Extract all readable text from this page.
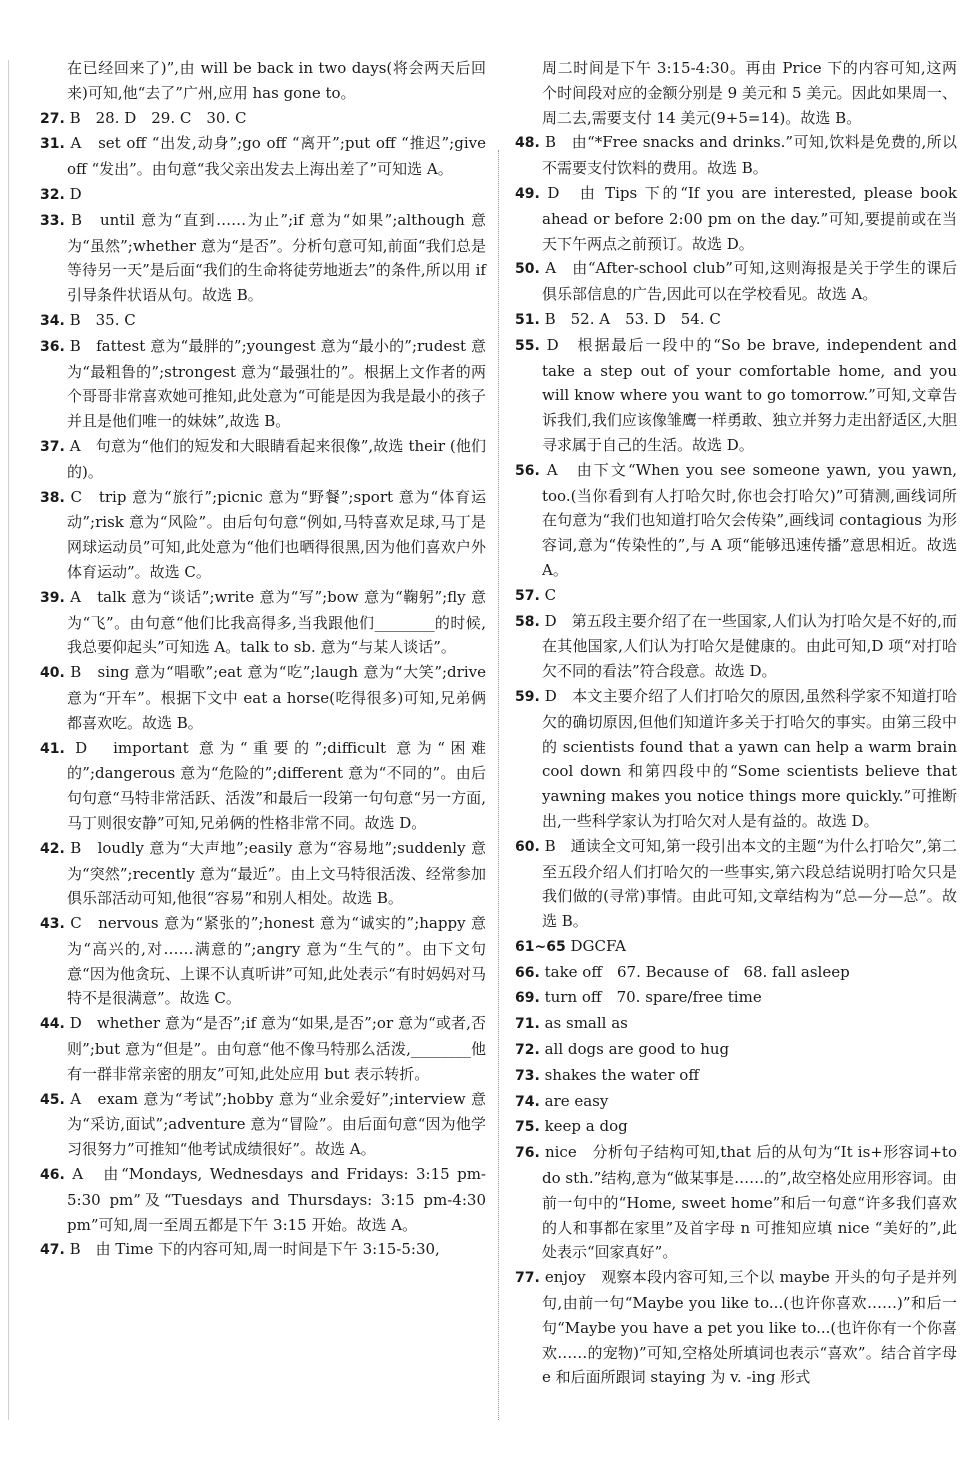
在已经回来了)”,由 will be back in two days(将会两天后回来)可知,他“去了”广州,应用 has gone to。
27. B　28. D　29. C　30. C
31. A　set off “出发,动身”;go off “离开”;put off “推迟”;give off “发出”。由句意“我父亲出发去上海出差了”可知选 A。
32. D
33. B　until 意为“直到……为止”;if 意为“如果”;although 意为“虽然”;whether 意为“是否”。分析句意可知,前面“我们总是等待另一天”是后面“我们的生命将徒劳地逝去”的条件,所以用 if 引导条件状语从句。故选 B。
34. B　35. C
36. B　fattest 意为“最胖的”;youngest 意为“最小的”;rudest 意为“最粗鲁的”;strongest 意为“最强壮的”。根据上文作者的两个哥哥非常喜欢她可推知,此处意为“可能是因为我是最小的孩子并且是他们唯一的妹妹”,故选 B。
37. A　句意为“他们的短发和大眼睛看起来很像”,故选 their (他们的)。
38. C　trip 意为“旅行”;picnic 意为“野餐”;sport 意为“体育运动”;risk 意为“风险”。由后句句意“例如,马特喜欢足球,马丁是网球运动员”可知,此处意为“他们也晒得很黑,因为他们喜欢户外体育运动”。故选 C。
39. A　talk 意为“谈话”;write 意为“写”;bow 意为“鞠躬”;fly 意为“飞”。由句意“他们比我高得多,当我跟他们________的时候,我总要仰起头”可知选 A。talk to sb. 意为“与某人谈话”。
40. B　sing 意为“唱歌”;eat 意为“吃”;laugh 意为“大笑”;drive 意为“开车”。根据下文中 eat a horse(吃得很多)可知,兄弟俩都喜欢吃。故选 B。
41. D　important 意为“重要的”;difficult 意为“困难的”;dangerous 意为“危险的”;different 意为“不同的”。由后句句意“马特非常活跃、活泼”和最后一段第一句句意“另一方面,马丁则很安静”可知,兄弟俩的性格非常不同。故选 D。
42. B　loudly 意为“大声地”;easily 意为“容易地”;suddenly 意为“突然”;recently 意为“最近”。由上文马特很活泼、经常参加俱乐部活动可知,他很“容易”和别人相处。故选 B。
43. C　nervous 意为“紧张的”;honest 意为“诚实的”;happy 意为“高兴的,对……满意的”;angry 意为“生气的”。由下文句意“因为他贪玩、上课不认真听讲”可知,此处表示“有时妈妈对马特不是很满意”。故选 C。
44. D　whether 意为“是否”;if 意为“如果,是否”;or 意为“或者,否则”;but 意为“但是”。由句意“他不像马特那么活泼,________他有一群非常亲密的朋友”可知,此处应用 but 表示转折。
45. A　exam 意为“考试”;hobby 意为“业余爱好”;interview 意为“采访,面试”;adventure 意为“冒险”。由后面句意“因为他学习很努力”可推知“他考试成绩很好”。故选 A。
46. A　由“Mondays, Wednesdays and Fridays: 3:15 pm-5:30 pm”及“Tuesdays and Thursdays: 3:15 pm-4:30 pm”可知,周一至周五都是下午 3:15 开始。故选 A。
47. B　由 Time 下的内容可知,周一时间是下午 3:15-5:30,
周二时间是下午 3:15-4:30。再由 Price 下的内容可知,这两个时间段对应的金额分别是 9 美元和 5 美元。因此如果周一、周二去,需要支付 14 美元(9+5=14)。故选 B。
48. B　由“*Free snacks and drinks.”可知,饮料是免费的,所以不需要支付饮料的费用。故选 B。
49. D　由 Tips 下的“If you are interested, please book ahead or before 2:00 pm on the day.”可知,要提前或在当天下午两点之前预订。故选 D。
50. A　由“After-school club”可知,这则海报是关于学生的课后俱乐部信息的广告,因此可以在学校看见。故选 A。
51. B　52. A　53. D　54. C
55. D　根据最后一段中的“So be brave, independent and take a step out of your comfortable home, and you will know where you want to go tomorrow.”可知,文章告诉我们,我们应该像雏鹰一样勇敢、独立并努力走出舒适区,大胆寻求属于自己的生活。故选 D。
56. A　由下文“When you see someone yawn, you yawn, too.(当你看到有人打哈欠时,你也会打哈欠)”可猜测,画线词所在句意为“我们也知道打哈欠会传染”,画线词 contagious 为形容词,意为“传染性的”,与 A 项“能够迅速传播”意思相近。故选 A。
57. C
58. D　第五段主要介绍了在一些国家,人们认为打哈欠是不好的,而在其他国家,人们认为打哈欠是健康的。由此可知,D 项“对打哈欠不同的看法”符合段意。故选 D。
59. D　本文主要介绍了人们打哈欠的原因,虽然科学家不知道打哈欠的确切原因,但他们知道许多关于打哈欠的事实。由第三段中的 scientists found that a yawn can help a warm brain cool down 和第四段中的“Some scientists believe that yawning makes you notice things more quickly.”可推断出,一些科学家认为打哈欠对人是有益的。故选 D。
60. B　通读全文可知,第一段引出本文的主题“为什么打哈欠”,第二至五段介绍人们打哈欠的一些事实,第六段总结说明打哈欠只是我们做的(寻常)事情。由此可知,文章结构为“总—分—总”。故选 B。
61~65 DGCFA
66. take off　67. Because of　68. fall asleep
69. turn off　70. spare/free time
71. as small as
72. all dogs are good to hug
73. shakes the water off
74. are easy
75. keep a dog
76. nice　分析句子结构可知,that 后的从句为“It is+形容词+to do sth.”结构,意为“做某事是……的”,故空格处应用形容词。由前一句中的“Home, sweet home”和后一句意“许多我们喜欢的人和事都在家里”及首字母 n 可推知应填 nice “美好的”,此处表示“回家真好”。
77. enjoy　观察本段内容可知,三个以 maybe 开头的句子是并列句,由前一句“Maybe you like to...(也许你喜欢……)”和后一句“Maybe you have a pet you like to...(也许你有一个你喜欢……的宠物)”可知,空格处所填词也表示“喜欢”。结合首字母 e 和后面所跟词 staying 为 v. -ing 形式
